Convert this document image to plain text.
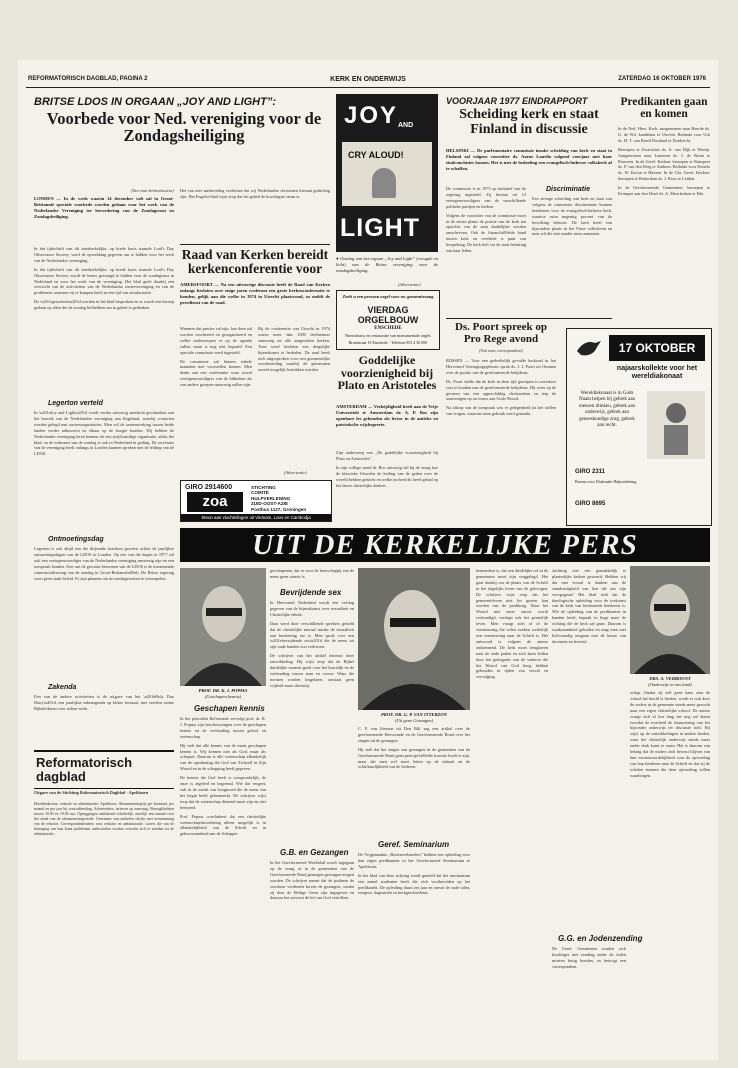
REFORMATORISCH DAGBLAD, PAGINA 2	KERK EN ONDERWIJS	ZATERDAG 16 OKTOBER 1976
BRITSE LDOS IN ORGAAN „JOY AND LIGHT”:
Voorbede voor Ned. vereniging voor de Zondagsheiliging
(Van onze kerkredacteur)
LONDEN — In de week waarin 14 december valt zal in Groot-Brittannië speciale voorbede worden gedaan voor het werk van de Nederlandse Vereniging ter bevordering van de Zondagsrust en Zondagsheiliging.
In dat tijdschrift van dit interkerkelijke, op brede basis staande Lord's Day Observance Society, werd de opwekking gegeven om te bidden voor het werk van de Nederlandse vereniging.
In dat tijdschrift van dit interkerkelijke, op brede basis staande Lord's Day Observance Society wordt de lezers gevraagd te bidden voor de zondagsrust in Nederland en voor het werk van de vereniging. Het blad geeft daarbij een overzicht van de activiteiten van de Nederlandse zustervereniging en van de problemen waarmee zij te kampen heeft in een tijd van secularisatie.
De \u201egeruchten\u201d worden in het blad besproken en er wordt een beroep gedaan op allen die de zondag liefhebben om in gebed te gedenken.
Legerton verteld
In \u201eJoy and Light\u201d wordt verder uitvoerig aandacht geschonken aan het bezoek van de Nederlandse vereniging aan Engeland, waarbij contacten werden gelegd met zustersorganisaties. Men wil de samenwerking tussen beide landen verder uitbouwen en elkaar op de hoogte houden. Wij hebben de Nederlandse vereniging leren kennen als een strijdvaardige organisatie, aldus het blad, en de toekomst van de zondag is ook in Nederland in geding. De secretaris van de vereniging heeft onlangs in Londen kunnen spreken met de leiding van de LDOS.
Ontmoetingsdag
Legerton is ook altijd een der drijvende krachten geweest achter de jaarlijkse ontmoetingsdagen van de LDOS in Londen. Op een van die dagen in 1977 zal ook een vertegenwoordiger van de Nederlandse vereniging aanwezig zijn en een toespraak houden. Een van de grootste bezwaren van de LDOS is de toenemende commercialisering van de zondag in Groot-Brittanni\u00eb. De Britse regering voert geen strak beleid. Er zijn plannen om de zondagswetten te versoepelen.
Zakenda
Een van de andere activiteiten is de uitgave van het \u201eHoly Day Diary\u201d, een jaarlijkse zakenagenda op kleine formaat, met veertien ruime Bijbelteksten voor iedere week.
Het van zeer aanbeveling verdienen dat wij Nederlandse christenen hieraan gedachtig zijn. Het Engelse blad wijst erop dat het gebed de krachtigste steun is.
Raad van Kerken bereidt kerkenconferentie voor
AMERSFOORT — Na een uitvoerige discussie heeft de Raad van Kerken onlangs besloten over enige jaren wederom een grote kerkenconferentie te houden, gelijk aan die welke in 1974 in Utrecht plaatsvond, zo meldt de persdienst van de raad.
Wanneer dat precies zal zijn, hoe deze zal worden voorbereid en georganiseerd en welke onderwerpen er op de agenda zullen staan is nog niet bepaald. Een speciale commissie werd ingesteld.
De commissie zal binnen enkele maanden met voorstellen komen. Men denkt aan een conferentie waar zowel vertegenwoordigers van de lidkerken als van andere groepen aanwezig zullen zijn.
Bij de conferentie van Utrecht in 1974 waren meer dan 1000 deelnemers aanwezig uit alle aangesloten kerken. Toen werd besloten een dergelijke bijeenkomst te herhalen. De raad heeft zich uitgesproken voor een gezamenlijke voorbereiding waarbij de gemeenten zoveel mogelijk betrokken worden.
(Advertentie)
GIRO 2914600
zoa
STICHTING
COMITE
HULPVERLENING
ZUID-OOST-AZIE
Postbus 1127, Groningen
Steun aan vluchtelingen uit Vietnam, Laos en Cambodja
JOY AND
CRY ALOUD!
LIGHT
● Omslag van het orgaan „Joy and Light” (vreugde en licht) van de Britse vereniging voor de zondagsheiliging.
(Advertentie)
Zeeft u een persoon orgel voor uw gemeentezang
VIERDAG
ORGELBOUW
ENSCHEDE
Nieuwbouw en restauratie van monumentale orgels
Bruinstraat 19 Enschede · Telefoon 053 4 30 000
Goddelijke voorzienigheid bij Plato en Aristoteles
AMSTERDAM — Veelzijdigheid heeft aan de Vrije Universiteit te Amsterdam dr. A. P. Bos zijn openbare les gehouden als lector in de antieke en patristische wijsbegeerte.
Zijn onderwerp was „De goddelijke voorzienigheid bij Plato en Aristoteles”.
In zijn college stond dr. Bos uitvoerig stil bij de vraag hoe de klassieke filosofen de leiding van de goden over de wereld hebben gedacht en welke invloed dit heeft gehad op het latere christelijke denken.
VOORJAAR 1977 EINDRAPPORT
Scheiding kerk en staat Finland in discussie
HELSINKI — De parlementaire commissie inzake scheiding van kerk en staat in Finland zal volgens voorzitter ds. Aarne Laurila volgend voorjaar met haar eindconclusies komen. Het is niet de bedoeling een evangelisch-lutherse volkskerk af te schaffen.
De commissie is in 1973 op initiatief van de regering ingesteld. Zij bestaat uit 13 vertegenwoordigers van de verschillende politieke partijen en kerken.
Volgens de voorzitter van de commissie moet in de eerste plaats de positie van de kerk ten opzichte van de staat duidelijker worden omschreven. Ook de financi\u00eble band tussen kerk en overheid is punt van bespreking. De kerk heft via de staat belasting van haar leden.
Discriminatie
Een strenge scheiding van kerk en staat zou volgens de commissie discriminatie kunnen betekenen voor de evangelisch-lutherse kerk, waartoe ruim negentig procent van de bevolking behoort. De kerk heeft een bijzondere plaats in het Finse volksleven en men wil die niet zonder meer aantasten.
Ds. Poort spreek op Pro Rege avond
(Van onze correspondent)
RIJSSEN — Voor een gedeeltelijk gevulde kerkzaal in het Hervormd Verenigingsgebouw sprak ds. J. J. Poort uit Ommen over de positie van de gereformeerde belijdenis.
Ds. Poort stelde dat de kerk in deze tijd geroepen is onverkort vast te houden aan de gereformeerde belijdenis. Hij wees op de gevaren van een oppervlakkig christendom en riep de aanwezigen op tot trouw aan Gods Woord.
Na afloop van de toespraak was er gelegenheid tot het stellen van vragen, waarvan ruim gebruik werd gemaakt.
Predikanten gaan en komen
In de Ned. Herv. Kerk: aangenomen naar Heerde ds. G. de Wit, kandidaat te Utrecht. Bedankt voor Urk ds. H. T. van Reedt Dortland te Dordrecht.
Beroepen te Zwartsluis ds. A. van Dijk te Wezep. Aangenomen naar Lunteren ds. J. de Bruin te Rouveen. In de Geref. Kerken: beroepen te Nunspeet ds. P. van den Berg te Arnhem. Bedankt voor Ermelo ds. W. Kroon te Hattem. In de Chr. Geref. Kerken: beroepen te Rotterdam ds. J. Roos te Leiden.
In de Gereformeerde Gemeenten: beroepen te Krimpen aan den IJssel ds. A. Moerkerken te Ede.
17 OKTOBER
najaarskollekte voor het wereldiakonaat
Wereldiakonaat is in Gods Naam helpen bij gebrek aan mensen drinken, gebrek aan onderwijs, gebrek aan geneeskundige zorg, gebrek aan recht.
GIRO 2311
Bureau voor Diakonale Hulpverlening
GIRO 8695
UIT DE KERKELIJKE PERS
PROF. DR. K. J. POPMA
(Geschapen kennis)
PROF. DR. G. P. VAN ITTERZON
(Uit gene Gezangen)
DRS. A. VERBOONT
(Onderwijs in ons land)
Geschapen kennis
In het periodiek Reformatie vervolgt prof. dr. K. J. Popma zijn beschouwingen over de geschapen kennis en de verhouding tussen geloof en wetenschap.
Hij stelt dat alle kennis van de mens geschapen kennis is. Wij kennen niet als God, maar als schepsel. Daarom is alle wetenschap afhankelijk van de openbaring die God van Zichzelf in Zijn Woord en in de schepping heeft gegeven.
De kennis die God heeft is oorspronkelijk; de onze is afgeleid en begrensd. Wie dat vergeet, valt in de zonde van hoogmoed die de mens van het begin heeft gekenmerkt. De schrijver wijst erop dat de wetenschap dienend moet zijn en niet heersend.
Prof. Popma concludeert dat een christelijke wetenschapsbeoefening alleen mogelijk is in afhankelijkheid van de Schrift en in gehoorzaamheid aan de Schepper.
geschapenen, dat er voor de heerschappij van de mens geen ruimte is.
Bevrijdende sex
In Hervormd Nederland wordt een verslag gegeven van de bijeenkomst over sexualiteit en Christelijke ethiek.
Daar werd door verschillende sprekers gesteld dat de christelijke moraal inzake de sexualiteit aan herziening toe is. Men sprak over een \u201ebevrijdende sex\u201d die de mens uit zijn oude banden zou verlossen.
De schrijver van het artikel betreurt deze ontwikkeling. Hij wijst erop dat de Bijbel duidelijke normen geeft voor het huwelijk en de verhouding tussen man en vrouw. Waar die normen worden losgelaten, ontstaat geen vrijheid maar slavernij.
G.B. en Gezangen
In het Gereformeerd Weekblad wordt ingegaan op de vraag of in de gemeenten van de Gereformeerde Bond gezangen gezongen mogen worden. De schrijver meent dat de psalmen de voorkeur verdienen boven de gezangen, omdat zij door de Heilige Geest zijn ingegeven en daarom het zuiverst de lof van God vertolken.
C. P. van Itterzon uit Den Bilt zag een artikel over de gereformeerde Hervormde en de Gereformeerde Bond over het zingen uit de gezangen.
Hij stelt dat het zingen van gezangen in de gemeenten van de Gereformeerde Bond geen principi\u00eble kwestie hoeft te zijn, maar dat men wel moet letten op de inhoud en de schriftuurlijkheid van de liederen.
Geref. Seminarium
De Vrijgemaakte „Buitenverbanders” hebben een opleiding voor hun eigen predikanten in het Gereformeerd Seminarium te Apeldoorn.
In het blad van deze richting wordt gemeld dat het seminarium een aantal studenten heeft die zich voorbereiden op het predikambt. De opleiding duurt zes jaar en omvat de oude talen, exegese, dogmatiek en kerkgeschiedenis.
kenmerken is, dat een duidelijke rol in de gemeenten moet zijn weggelegd. Het gaat daarbij om de plaats van de Schrift in het dagelijks leven van de gelovigen. De schrijver wijst erop dat het gemeenteleven niet los gezien kan worden van de prediking. Waar het Woord niet meer zuiver wordt verkondigd, verslapt ook het geestelijk leven. Men vraagt zich af of de vernieuwing die velen zoeken werkelijk een vernieuwing naar de Schrift is. Het antwoord is volgens de auteur ontkennend. De kerk moet terugkeren naar de oude paden en zich laten leiden door het getuigenis van de vaderen die het Woord van God hoog hebben gehouden in tijden van verval en vervolging.
stichting niet een gemakkelijk te plaatselijke kerken gewaard. Hebben wij dat niet vooral te danken aan de standvastigheid van hen die ons zijn voorgegaan? Het blad stelt dat de theologische opleiding voor de toekomst van de kerk van beslissende betekenis is. Wie de opleiding van de predikanten in handen heeft, bepaalt in hoge mate de richting die de kerk zal gaan. Daarom is waakzaamheid geboden en mag men niet lichtvaardig omgaan met de keuze van docenten en leerstof.
G.G. en Jodenzending
De Geref. Gemeenten zouden zich krachtiger met zending onder de Joden moeten bezig houden, zo betoogt een correspondent.
schap. Omdat zij zelf geen kans zien de school het hoofd te bieden, wordt er ook door de ouders in de gemeente steeds meer gezocht naar een eigen christelijke school. De auteur vraagt zich af hoe lang het nog zal duren voordat de overheid de financiering van het bijzonder onderwijs ter discussie stelt. Hij wijst op de ontwikkelingen in andere landen, waar het christelijk onderwijs steeds meer onder druk komt te staan. Het is daarom van belang dat de ouders zich bewust blijven van hun verantwoordelijkheid voor de opvoeding van hun kinderen naar de Schrift en dat zij de scholen steunen die deze opvoeding willen waarborgen.
Reformatorisch dagblad
Uitgave van de Stichting Reformatorisch Dagblad · Apeldoorn
Hoofdredacteur, redactie en administratie: Apeldoorn. Abonnementsprijs per kwartaal, per maand en per jaar bij vooruitbetaling. Advertenties: tarieven op aanvraag. Bezorgklachten tussen 18.00 en 19.00 uur. Opzeggingen uitsluitend schriftelijk, uiterlijk een maand voor het einde van de abonnementsperiode. Overname van artikelen slechts met toestemming van de redactie. Correspondentieadres voor redactie en administratie. Lezers die van de bezorging van hun krant problemen ondervinden worden verzocht zich te wenden tot de administratie.
